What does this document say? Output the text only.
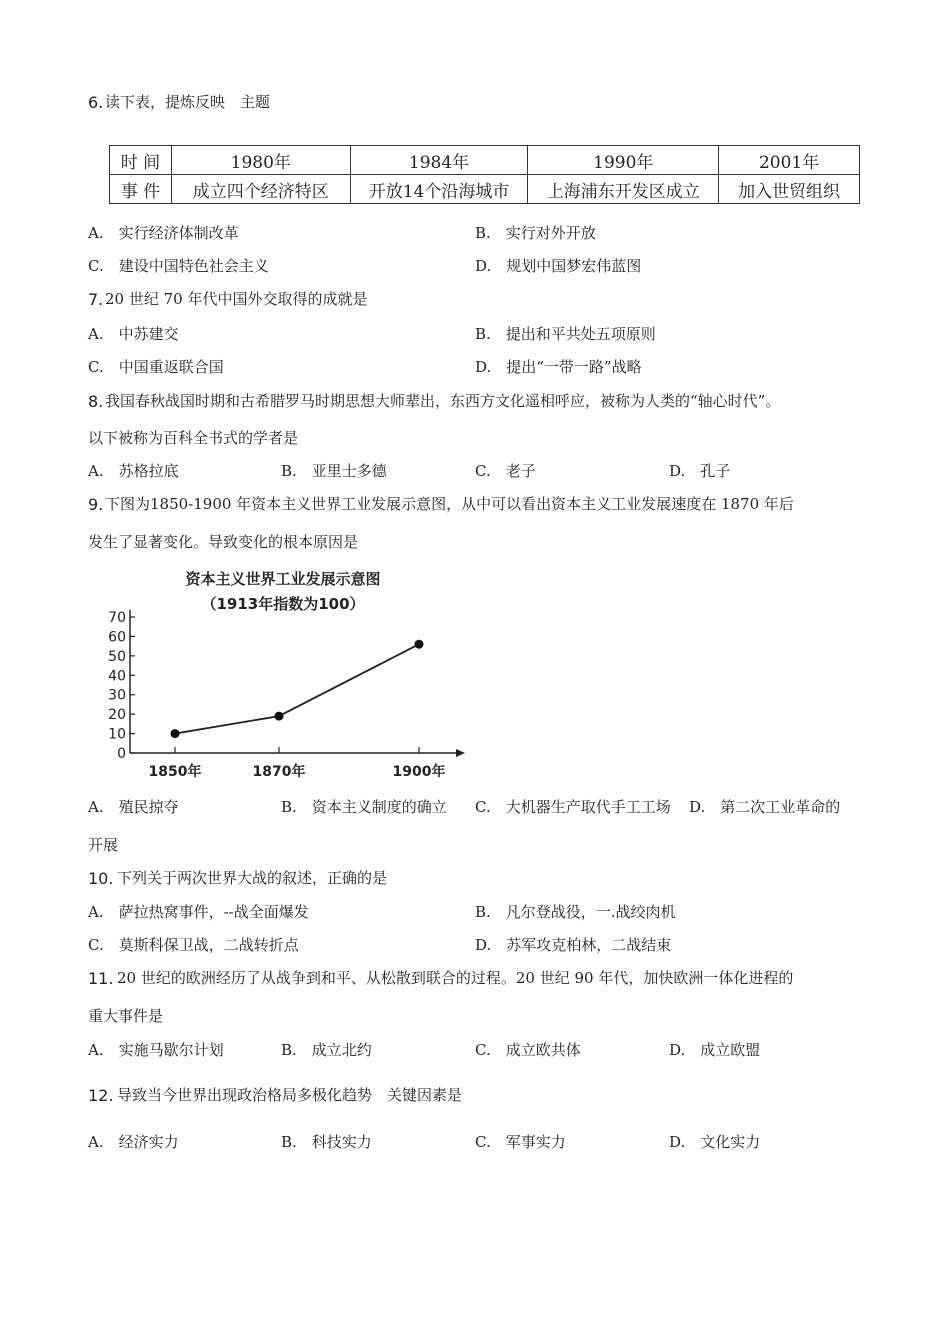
6. 读下表，提炼反映　主题
时 间	1980年	1984年	1990年	2001年
事 件	成立四个经济特区	开放14个沿海城市	上海浦东开发区成立	加入世贸组织
A.　实行经济体制改革	B.　实行对外开放
C.　建设中国特色社会主义	D.　规划中国梦宏伟蓝图
7. 20 世纪 70 年代中国外交取得的成就是
A.　中苏建交	B.　提出和平共处五项原则
C.　中国重返联合国	D.　提出“一带一路”战略
8. 我国春秋战国时期和古希腊罗马时期思想大师辈出，东西方文化遥相呼应，被称为人类的“轴心时代”。
以下被称为百科全书式的学者是
A.　苏格拉底	B.　亚里士多德	C.　老子	D.　孔子
9. 下图为1850-1900 年资本主义世界工业发展示意图，从中可以看出资本主义工业发展速度在 1870 年后
发生了显著变化。导致变化的根本原因是
资本主义世界工业发展示意图
（1913年指数为100）
0
10
20
30
40
50
60
70
1850年	1870年	1900年
A.　殖民掠夺	B.　资本主义制度的确立 C.　大机器生产取代手工工场 D.　第二次工业革命的
开展
10. 下列关于两次世界大战的叙述，正确的是
A.　萨拉热窝事件，--战全面爆发	B.　凡尔登战役，一.战绞肉机
C.　莫斯科保卫战，二战转折点	D.　苏军攻克柏林，二战结束
11. 20 世纪的欧洲经历了从战争到和平、从松散到联合的过程。20 世纪 90 年代，加快欧洲一体化进程的
重大事件是
A.　实施马歇尔计划	B.　成立北约	C.　成立欧共体	D.　成立欧盟
12. 导致当今世界出现政治格局多极化趋势　关键因素是
A.　经济实力	B.　科技实力	C.　军事实力	D.　文化实力
